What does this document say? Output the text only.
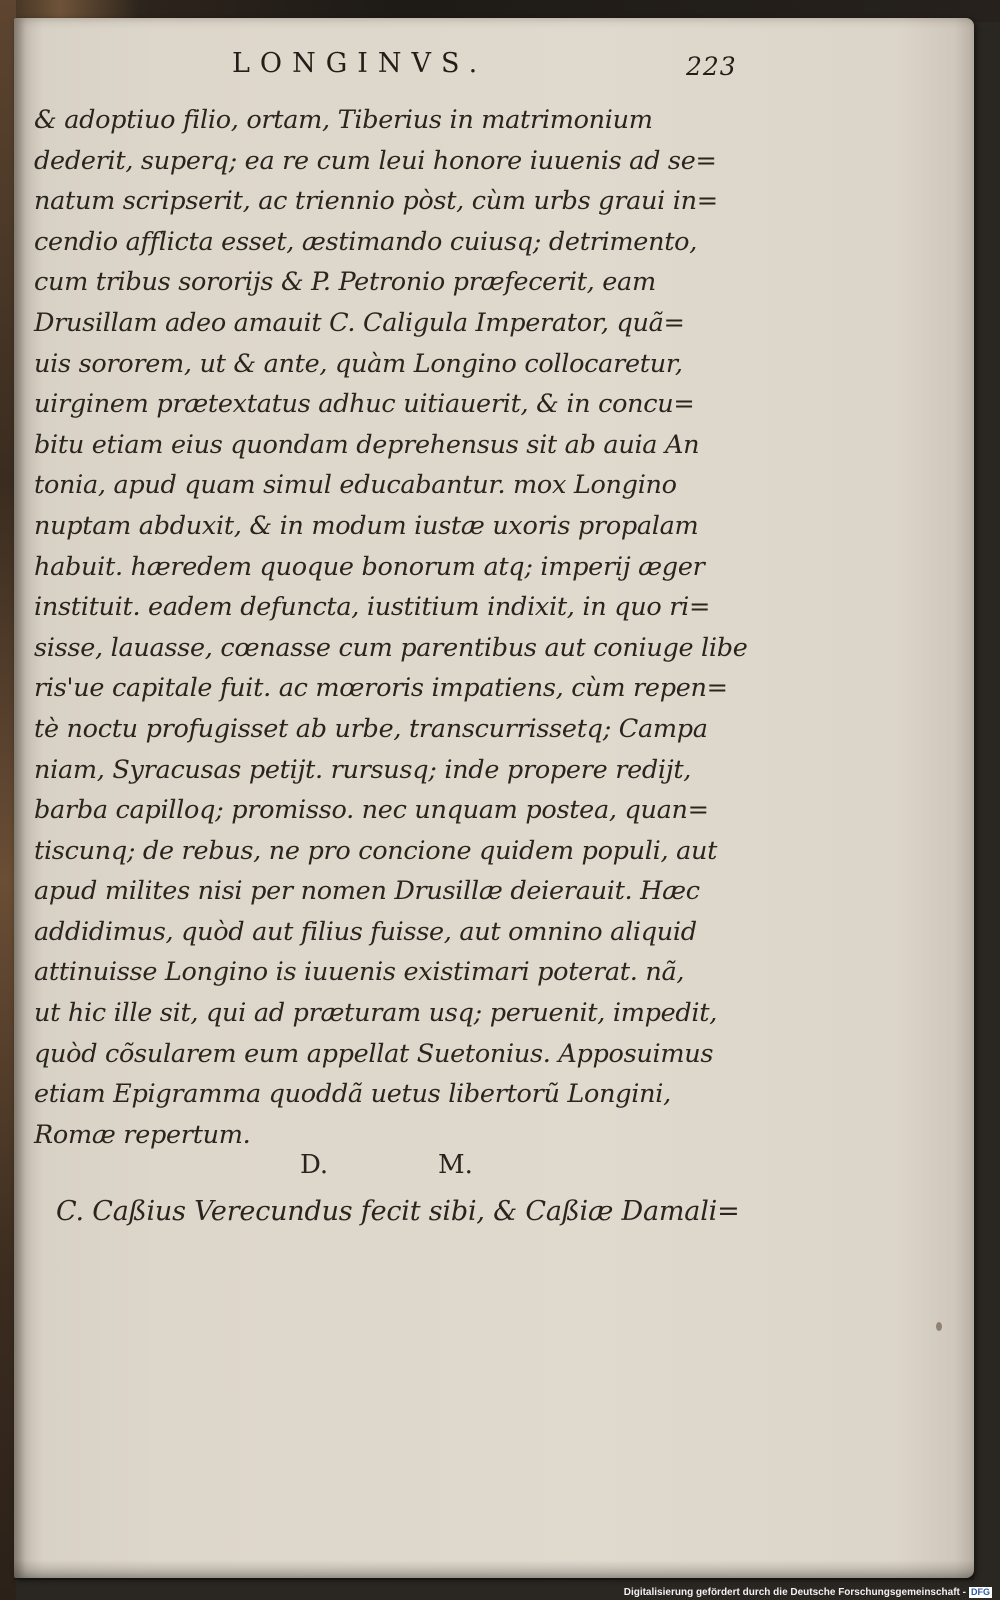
LONGINVS.	223
& adoptiuo filio, ortam, Tiberius in matrimonium
dederit, superq; ea re cum leui honore iuuenis ad se=
natum scripserit, ac triennio pòst, cùm urbs graui in=
cendio afflicta esset, æstimando cuiusq; detrimento,
cum tribus sororijs & P. Petronio præfecerit, eam
Drusillam adeo amauit C. Caligula Imperator, quã=
uis sororem, ut & ante, quàm Longino collocaretur,
uirginem prætextatus adhuc uitiauerit, & in concu=
bitu etiam eius quondam deprehensus sit ab auia An
tonia, apud quam simul educabantur. mox Longino
nuptam abduxit, & in modum iustæ uxoris propalam
habuit. hæredem quoque bonorum atq; imperij æger
instituit. eadem defuncta, iustitium indixit, in quo ri=
sisse, lauasse, cœnasse cum parentibus aut coniuge libe
ris'ue capitale fuit. ac mœroris impatiens, cùm repen=
tè noctu profugisset ab urbe, transcurrissetq; Campa
niam, Syracusas petijt. rursusq; inde propere redijt,
barba capilloq; promisso. nec unquam postea, quan=
tiscunq; de rebus, ne pro concione quidem populi, aut
apud milites nisi per nomen Drusillæ deierauit. Hæc
addidimus, quòd aut filius fuisse, aut omnino aliquid
attinuisse Longino is iuuenis existimari poterat. nã,
ut hic ille sit, qui ad præturam usq; peruenit, impedit,
quòd cõsularem eum appellat Suetonius. Apposuimus
etiam Epigramma quoddã uetus libertorũ Longini,
Romæ repertum.
D.	M.
C. Caßius Verecundus fecit sibi, & Caßiæ Damali=
Digitalisierung gefördert durch die Deutsche Forschungsgemeinschaft - DFG
